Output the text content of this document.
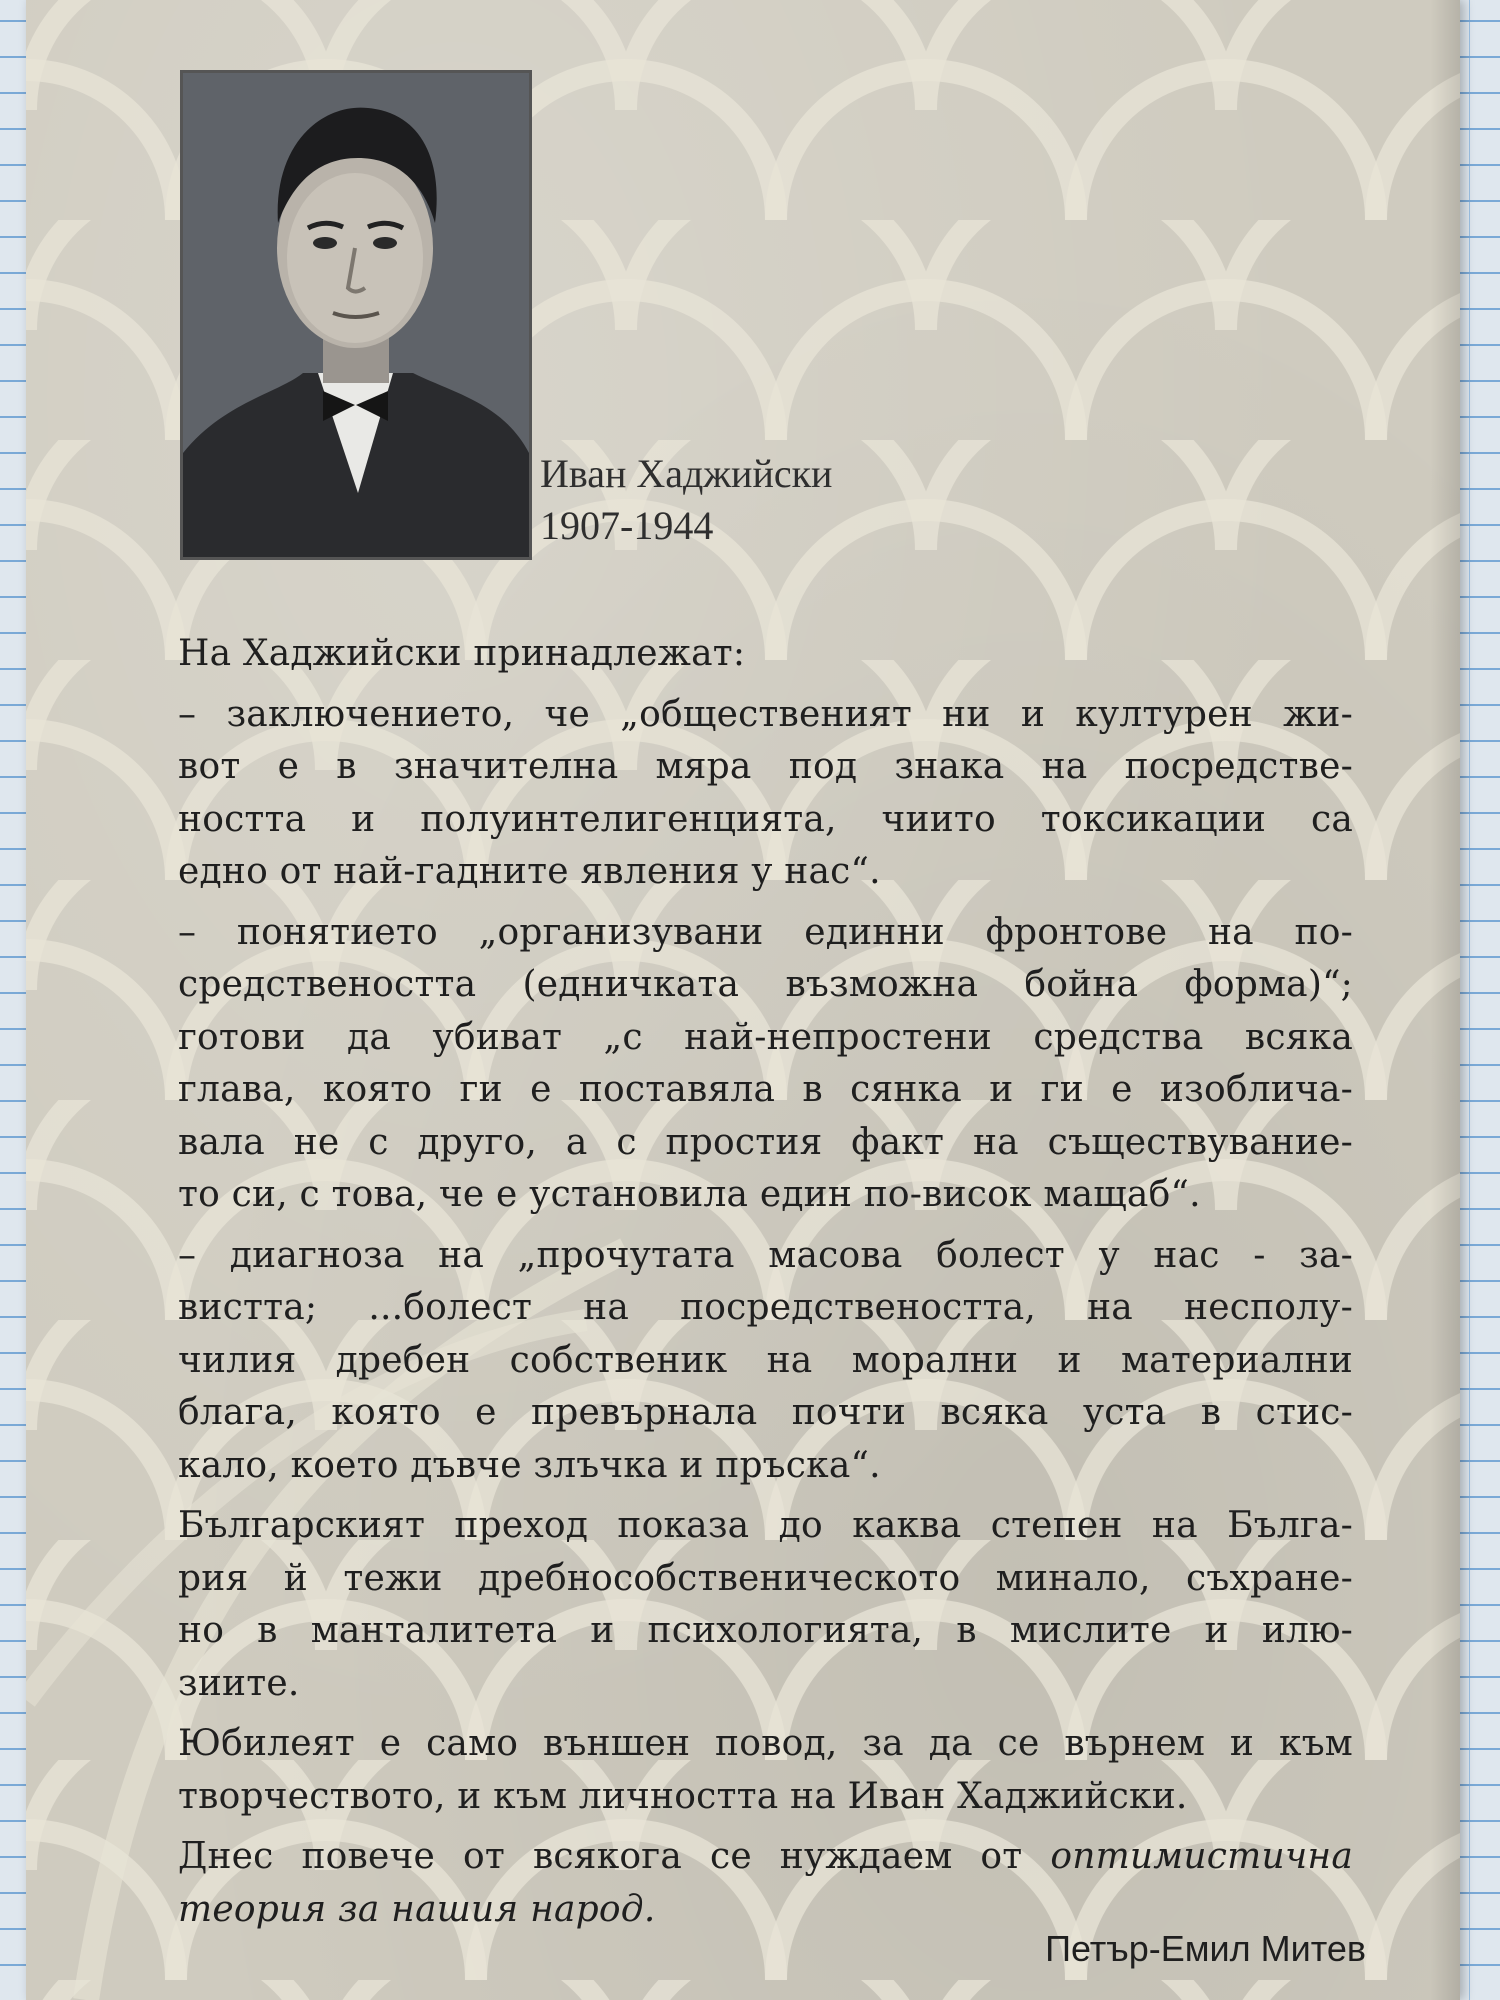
Иван Хаджийски
1907-1944

На Хаджийски принадлежат:

– заключението, че „общественият ни и културен жи-
вот е в значителна мяра под знака на посредстве-
ността и полуинтелигенцията, чиито токсикации са
едно от най-гадните явления у нас“.

– понятието „организувани единни фронтове на по-
средствеността (едничката възможна бойна форма)“;
готови да убиват „с най-непростени средства всяка
глава, която ги е поставяла в сянка и ги е изоблича-
вала не с друго, а с простия факт на съществувание-
то си, с това, че е установила един по-висок мащаб“.

– диагноза на „прочутата масова болест у нас - за-
вистта; ...болест на посредствеността, на несполу-
чилия дребен собственик на морални и материални
блага, която е превърнала почти всяка уста в стис-
кало, което дъвче злъчка и пръска“.

Българският преход показа до каква степен на Бълга-
рия й тежи дребнособственическото минало, съхране-
но в манталитета и психологията, в мислите и илю-
зиите.

Юбилеят е само външен повод, за да се върнем и към
творчеството, и към личността на Иван Хаджийски.

Днес повече от всякога се нуждаем от оптимистична
теория за нашия народ.

Петър-Емил Митев
